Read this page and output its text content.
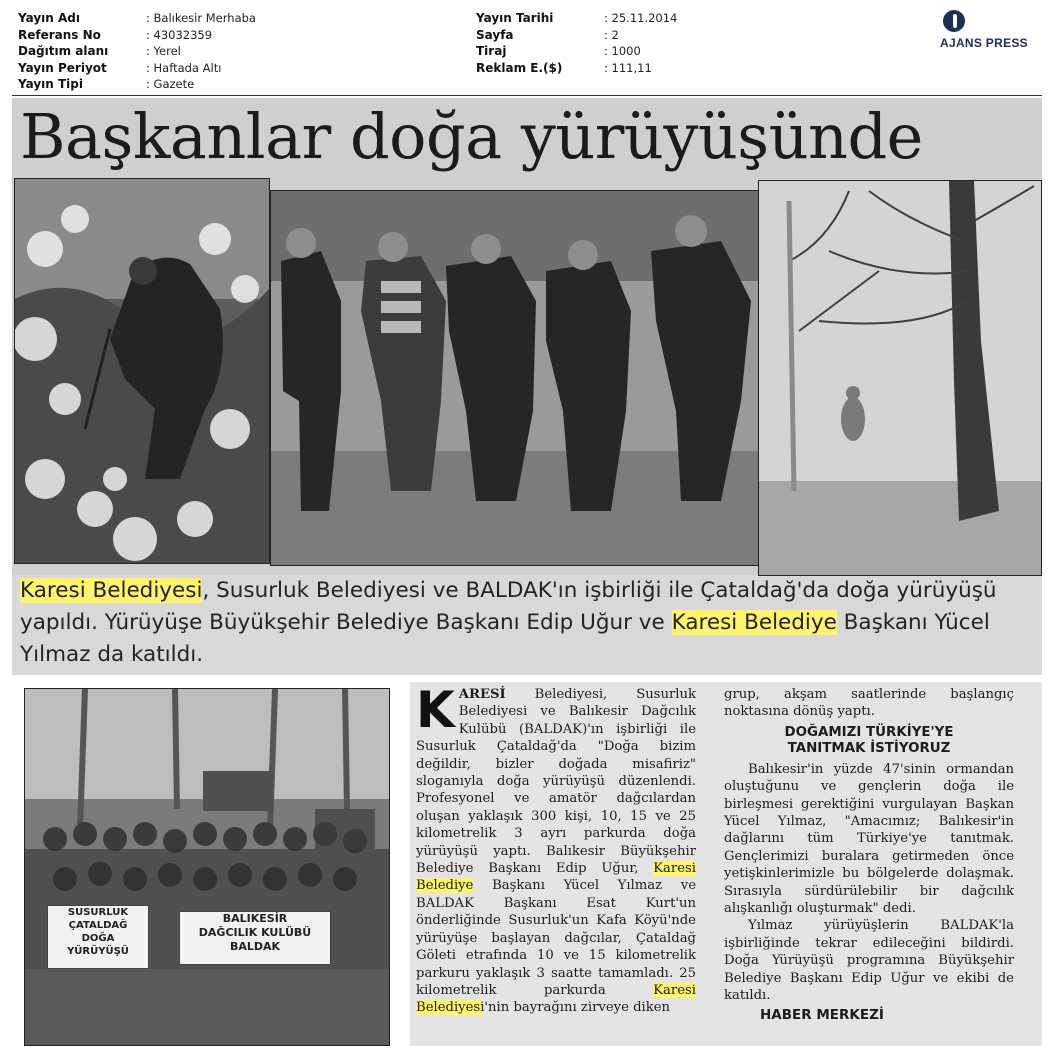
Yayın Adı	: Balıkesir Merhaba
Referans No	: 43032359
Dağıtım alanı	: Yerel
Yayın Periyot	: Haftada Altı
Yayın Tipi	: Gazete
Yayın Tarihi	: 25.11.2014
Sayfa	: 2
Tiraj	: 1000
Reklam E.($)	: 111,11
AJANS PRESS
Başkanlar doğa yürüyüşünde
Karesi Belediyesi, Susurluk Belediyesi ve BALDAK'ın işbirliği ile Çataldağ'da doğa yürüyüşü yapıldı. Yürüyüşe Büyükşehir Belediye Başkanı Edip Uğur ve Karesi Belediye Başkanı Yücel Yılmaz da katıldı.
SUSURLUK
ÇATALDAĞ
DOĞA
YÜRÜYÜŞÜ
BALIKESİR
DAĞCILIK KULÜBÜ
BALDAK

KARESİ Belediyesi, Susurluk Belediyesi ve Balıkesir Dağcılık Kulübü (BALDAK)'ın işbirliği ile Susurluk Çataldağ'da "Doğa bizim değildir, bizler doğada misafiriz" sloganıyla doğa yürüyüşü düzenlendi. Profesyonel ve amatör dağcılardan oluşan yaklaşık 300 kişi, 10, 15 ve 25 kilometrelik 3 ayrı parkurda doğa yürüyüşü yaptı. Balıkesir Büyükşehir Belediye Başkanı Edip Uğur, Karesi Belediye Başkanı Yücel Yılmaz ve BALDAK Başkanı Esat Kurt'un önderliğinde Susurluk'un Kafa Köyü'nde yürüyüşe başlayan dağcılar, Çataldağ Göleti etrafında 10 ve 15 kilometrelik parkuru yaklaşık 3 saatte tamamladı. 25 kilometrelik parkurda Karesi Belediyesi'nin bayrağını zirveye diken

grup, akşam saatlerinde başlangıç noktasına dönüş yaptı.

DOĞAMIZI TÜRKİYE'YE
TANITMAK İSTİYORUZ

Balıkesir'in yüzde 47'sinin ormandan oluştuğunu ve gençlerin doğa ile birleşmesi gerektiğini vurgulayan Başkan Yücel Yılmaz, "Amacımız; Balıkesir'in dağlarını tüm Türkiye'ye tanıtmak. Gençlerimizi buralara getirmeden önce yetişkinlerimizle bu bölgelerde dolaşmak. Sırasıyla sürdürülebilir bir dağcılık alışkanlığı oluşturmak" dedi.

Yılmaz yürüyüşlerin BALDAK'la işbirliğinde tekrar edileceğini bildirdi. Doğa Yürüyüşü programına Büyükşehir Belediye Başkanı Edip Uğur ve ekibi de katıldı.

HABER MERKEZİ
